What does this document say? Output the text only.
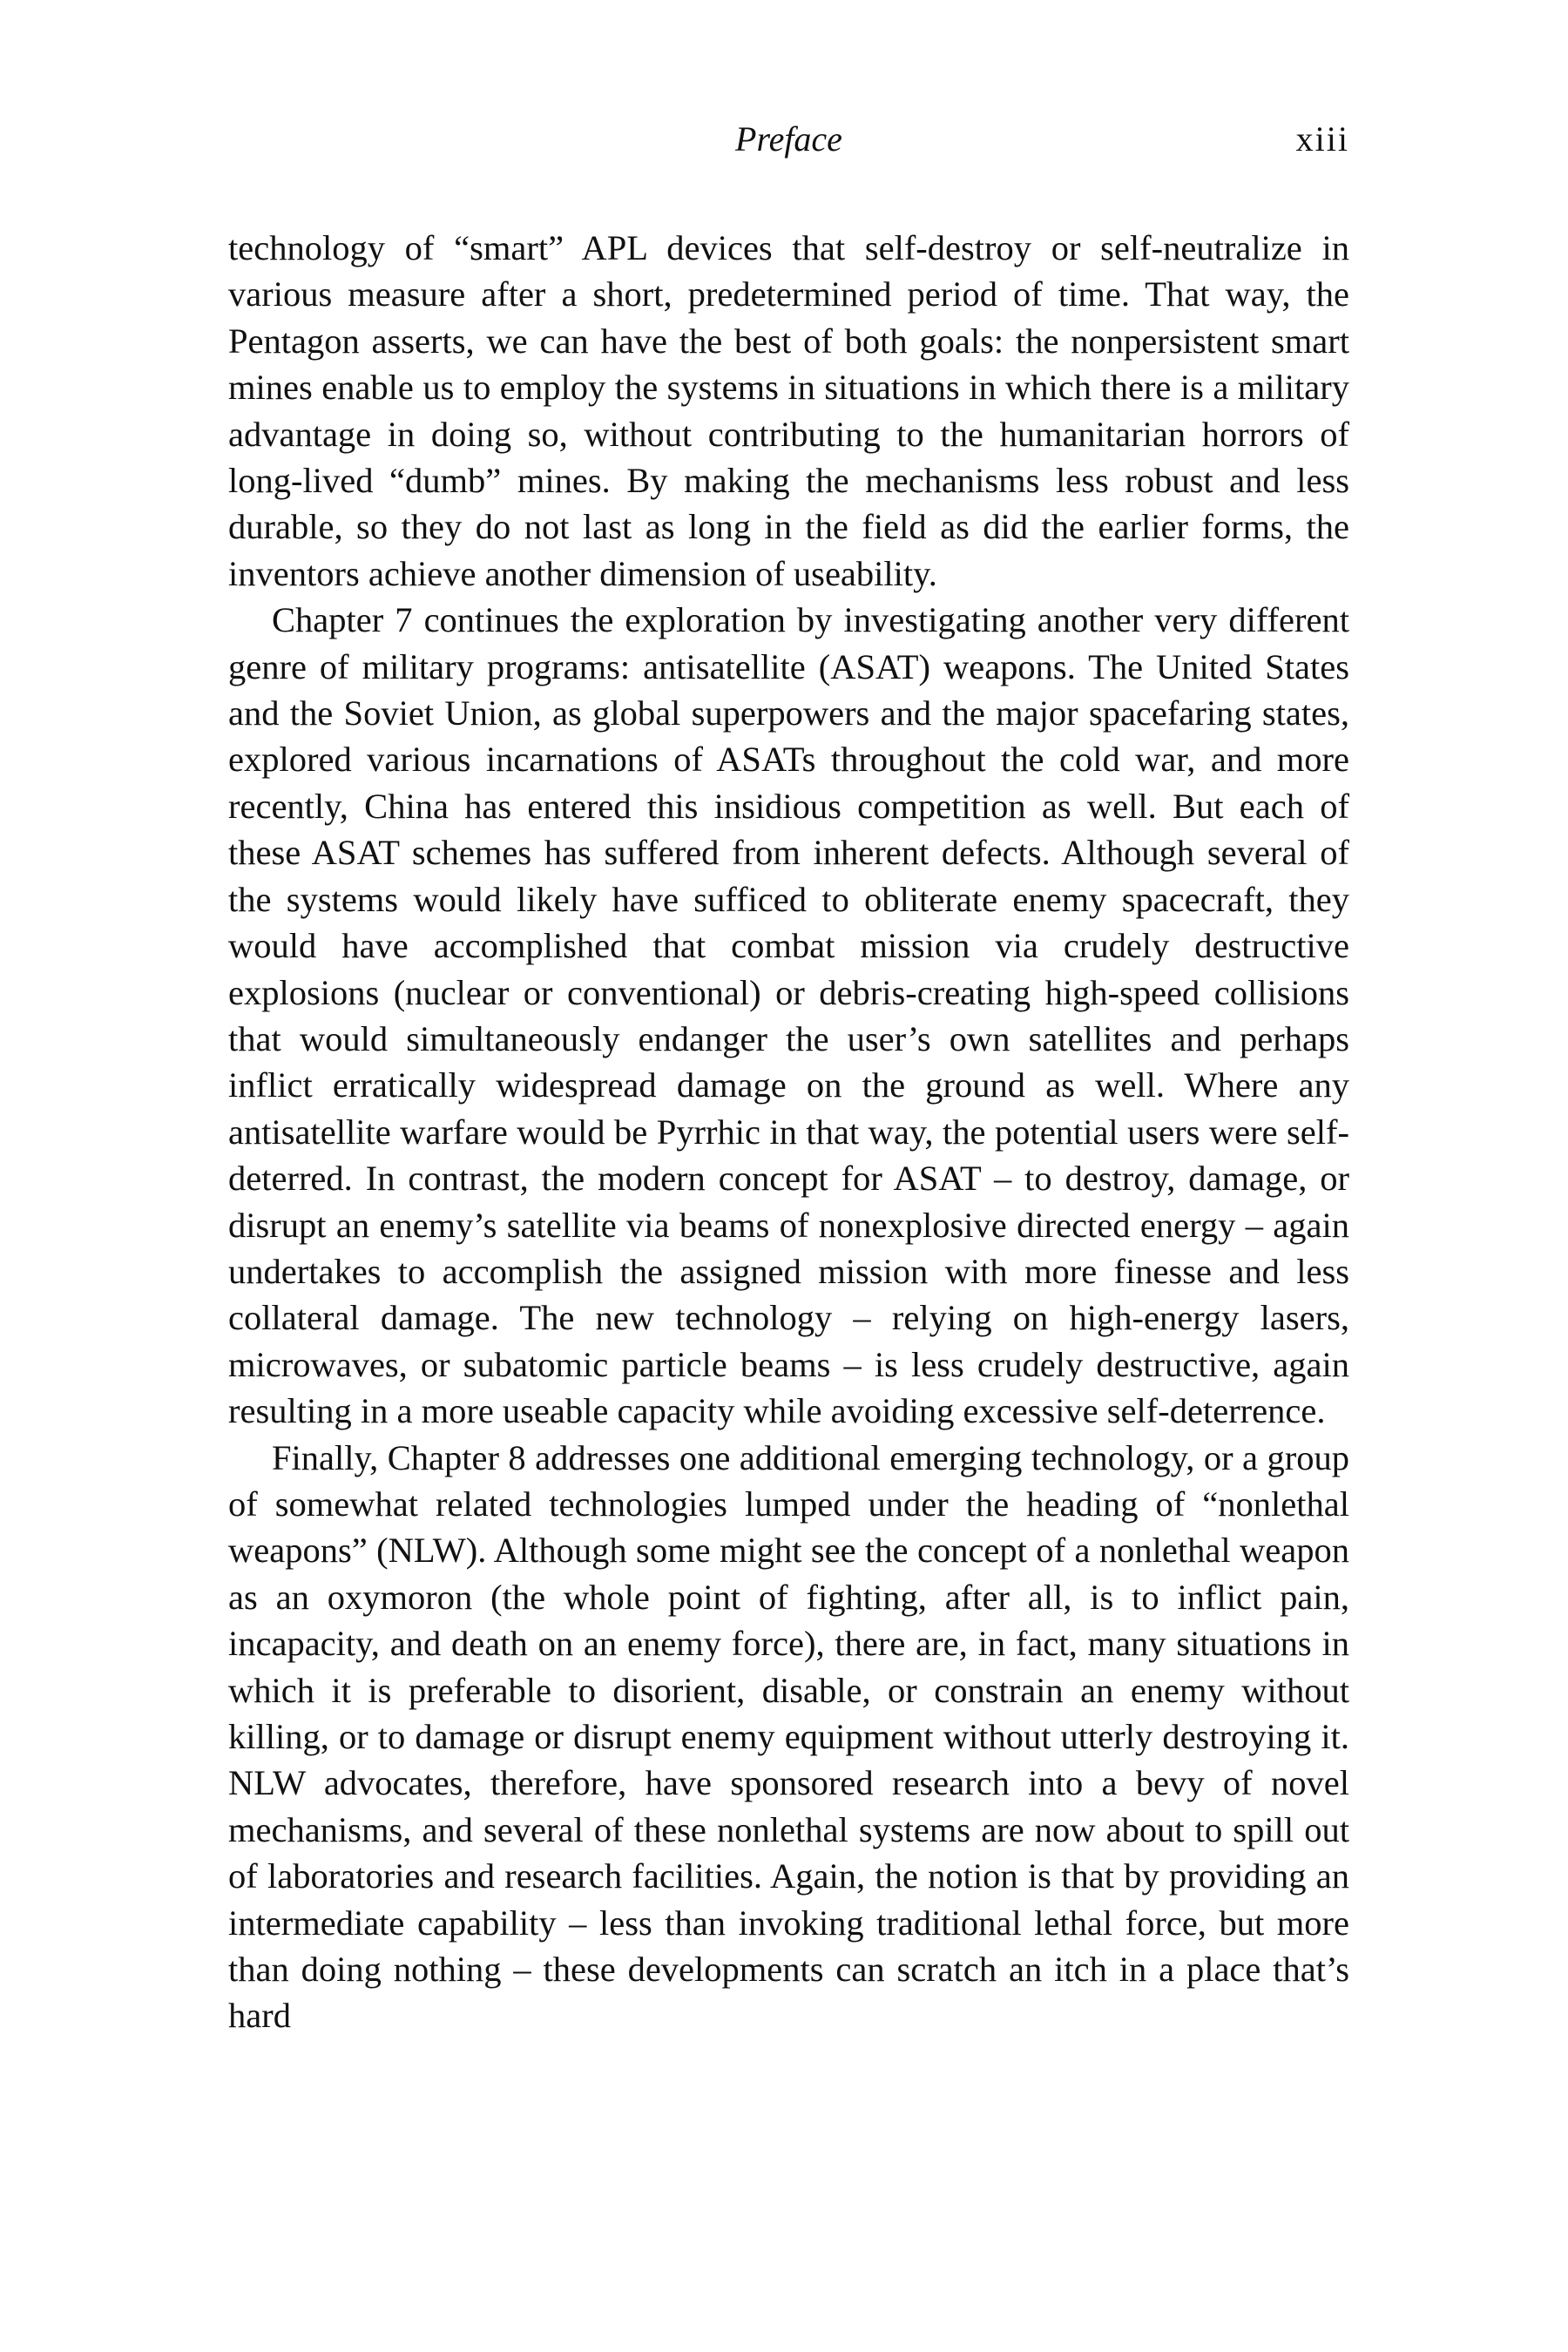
Preface	xiii

technology of “smart” APL devices that self-destroy or self-neutralize in various measure after a short, predetermined period of time. That way, the Pentagon asserts, we can have the best of both goals: the nonpersistent smart mines enable us to employ the systems in situations in which there is a military advantage in doing so, without contributing to the humanitarian horrors of long-lived “dumb” mines. By making the mechanisms less robust and less durable, so they do not last as long in the field as did the earlier forms, the inventors achieve another dimension of useability.

Chapter 7 continues the exploration by investigating another very different genre of military programs: antisatellite (ASAT) weapons. The United States and the Soviet Union, as global superpowers and the major spacefaring states, explored various incarnations of ASATs throughout the cold war, and more recently, China has entered this insidious competition as well. But each of these ASAT schemes has suffered from inherent defects. Although several of the systems would likely have sufficed to obliterate enemy spacecraft, they would have accomplished that combat mission via crudely destructive explosions (nuclear or conventional) or debris-creating high-speed collisions that would simultaneously endanger the user’s own satellites and perhaps inflict erratically widespread damage on the ground as well. Where any antisatellite warfare would be Pyrrhic in that way, the potential users were self-deterred. In contrast, the modern concept for ASAT – to destroy, damage, or disrupt an enemy’s satellite via beams of nonexplosive directed energy – again undertakes to accomplish the assigned mission with more finesse and less collateral damage. The new technology – relying on high-energy lasers, microwaves, or subatomic particle beams – is less crudely destructive, again resulting in a more useable capacity while avoiding excessive self-deterrence.

Finally, Chapter 8 addresses one additional emerging technology, or a group of somewhat related technologies lumped under the heading of “nonlethal weapons” (NLW). Although some might see the concept of a nonlethal weapon as an oxymoron (the whole point of fighting, after all, is to inflict pain, incapacity, and death on an enemy force), there are, in fact, many situations in which it is preferable to disorient, disable, or constrain an enemy without killing, or to damage or disrupt enemy equipment without utterly destroying it. NLW advocates, therefore, have sponsored research into a bevy of novel mechanisms, and several of these nonlethal systems are now about to spill out of laboratories and research facilities. Again, the notion is that by providing an intermediate capability – less than invoking traditional lethal force, but more than doing nothing – these developments can scratch an itch in a place that’s hard
